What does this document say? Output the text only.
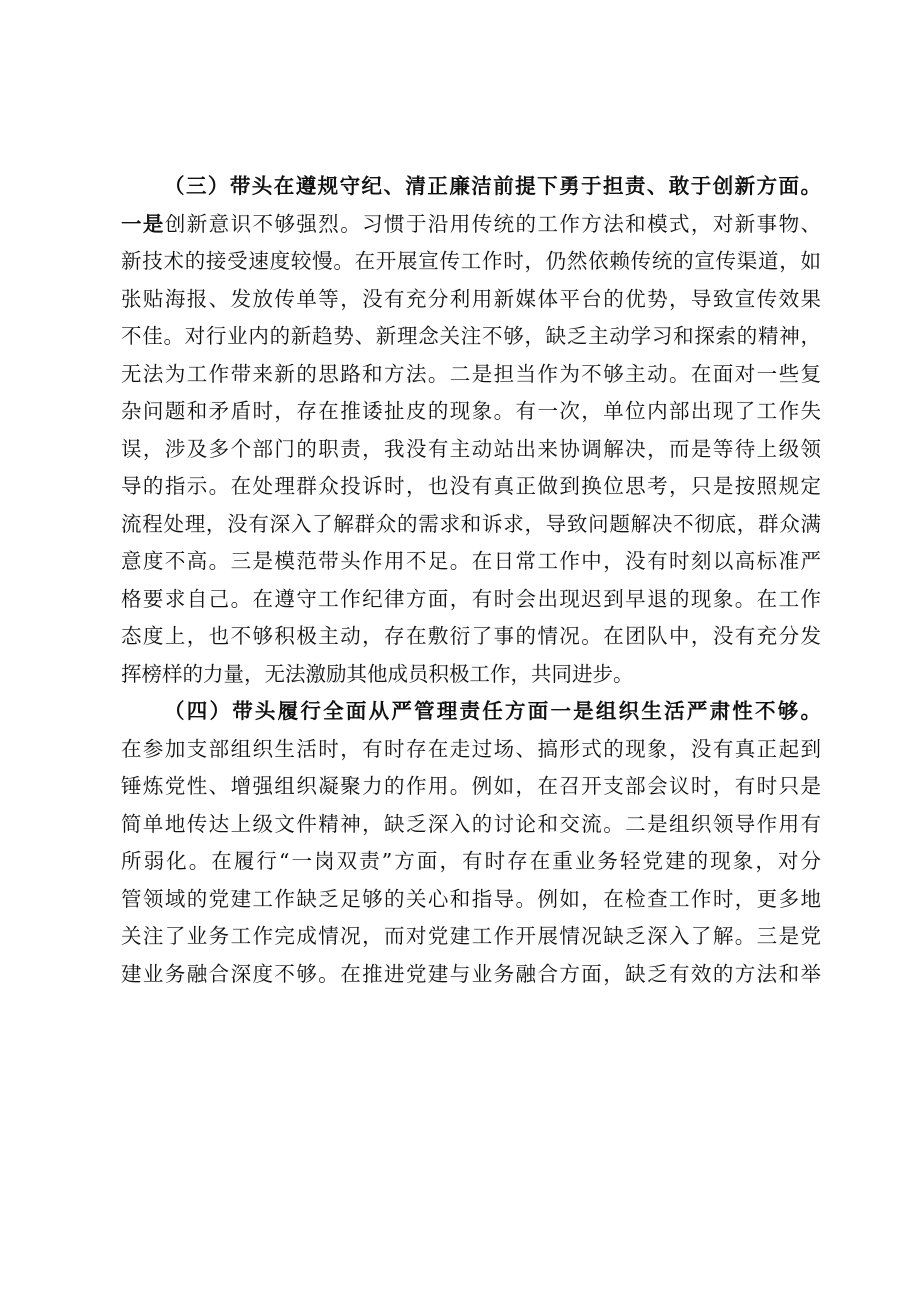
（三）带头在遵规守纪、清正廉洁前提下勇于担责、敢于创新方面。
一是创新意识不够强烈。习惯于沿用传统的工作方法和模式，对新事物、
新技术的接受速度较慢。在开展宣传工作时，仍然依赖传统的宣传渠道，如
张贴海报、发放传单等，没有充分利用新媒体平台的优势，导致宣传效果
不佳。对行业内的新趋势、新理念关注不够，缺乏主动学习和探索的精神，
无法为工作带来新的思路和方法。二是担当作为不够主动。在面对一些复
杂问题和矛盾时，存在推诿扯皮的现象。有一次，单位内部出现了工作失
误，涉及多个部门的职责，我没有主动站出来协调解决，而是等待上级领
导的指示。在处理群众投诉时，也没有真正做到换位思考，只是按照规定
流程处理，没有深入了解群众的需求和诉求，导致问题解决不彻底，群众满
意度不高。三是模范带头作用不足。在日常工作中，没有时刻以高标准严
格要求自己。在遵守工作纪律方面，有时会出现迟到早退的现象。在工作
态度上，也不够积极主动，存在敷衍了事的情况。在团队中，没有充分发
挥榜样的力量，无法激励其他成员积极工作，共同进步。
（四）带头履行全面从严管理责任方面一是组织生活严肃性不够。
在参加支部组织生活时，有时存在走过场、搞形式的现象，没有真正起到
锤炼党性、增强组织凝聚力的作用。例如，在召开支部会议时，有时只是
简单地传达上级文件精神，缺乏深入的讨论和交流。二是组织领导作用有
所弱化。在履行“一岗双责”方面，有时存在重业务轻党建的现象，对分
管领域的党建工作缺乏足够的关心和指导。例如，在检查工作时，更多地
关注了业务工作完成情况，而对党建工作开展情况缺乏深入了解。三是党
建业务融合深度不够。在推进党建与业务融合方面，缺乏有效的方法和举
